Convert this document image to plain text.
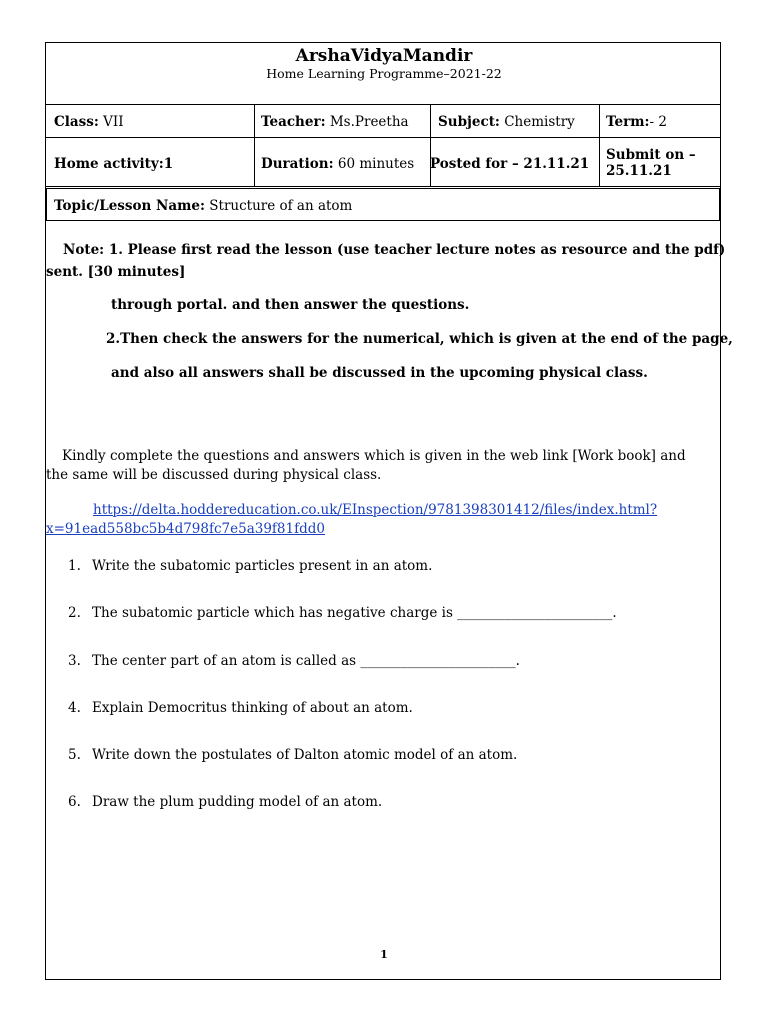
ArshaVidyaMandir
Home Learning Programme–2021-22
Class: VII	Teacher: Ms.Preetha Subject: Chemistry Term:- 2
Home activity:1	Duration: 60 minutes Posted for – 21.11.21
Submit on –
25.11.21
Topic/Lesson Name: Structure of an atom
Note: 1. Please first read the lesson (use teacher lecture notes as resource and the pdf)
sent. [30 minutes]
through portal. and then answer the questions.
2.Then check the answers for the numerical, which is given at the end of the page,
and also all answers shall be discussed in the upcoming physical class.
Kindly complete the questions and answers which is given in the web link [Work book] and
the same will be discussed during physical class.
https://delta.hoddereducation.co.uk/EInspection/9781398301412/files/index.html?
x=91ead558bc5b4d798fc7e5a39f81fdd0
1. Write the subatomic particles present in an atom.
2. The subatomic particle which has negative charge is _______________________.
3. The center part of an atom is called as _______________________.
4. Explain Democritus thinking of about an atom.
5. Write down the postulates of Dalton atomic model of an atom.
6. Draw the plum pudding model of an atom.
1
